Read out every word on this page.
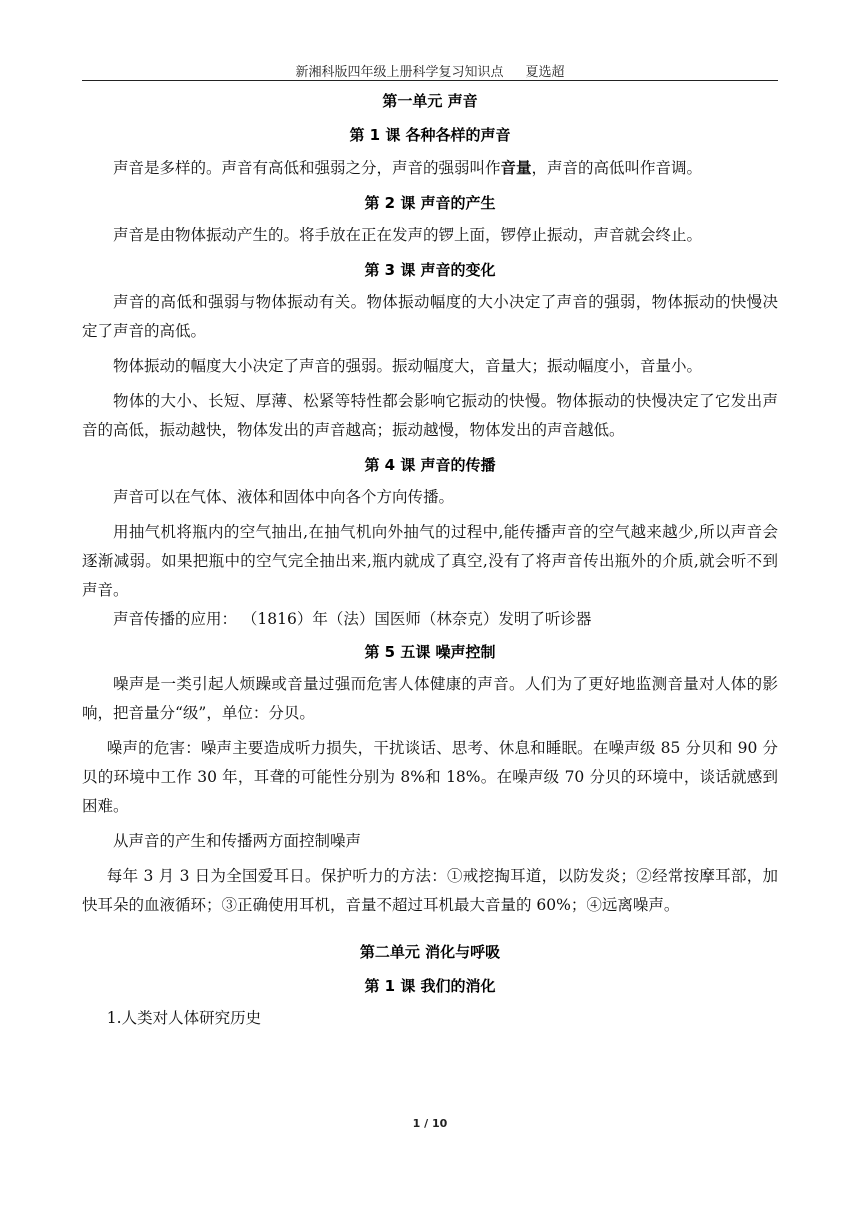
新湘科版四年级上册科学复习知识点 夏选超
第一单元 声音
第 1 课 各种各样的声音

声音是多样的。声音有高低和强弱之分，声音的强弱叫作音量，声音的高低叫作音调。

第 2 课 声音的产生

声音是由物体振动产生的。将手放在正在发声的锣上面，锣停止振动，声音就会终止。

第 3 课 声音的变化

声音的高低和强弱与物体振动有关。物体振动幅度的大小决定了声音的强弱，物体振动的快慢决定了声音的高低。

物体振动的幅度大小决定了声音的强弱。振动幅度大，音量大；振动幅度小，音量小。

物体的大小、长短、厚薄、松紧等特性都会影响它振动的快慢。物体振动的快慢决定了它发出声音的高低，振动越快，物体发出的声音越高；振动越慢，物体发出的声音越低。

第 4 课 声音的传播

声音可以在气体、液体和固体中向各个方向传播。

用抽气机将瓶内的空气抽出,在抽气机向外抽气的过程中,能传播声音的空气越来越少,所以声音会逐渐减弱。如果把瓶中的空气完全抽出来,瓶内就成了真空,没有了将声音传出瓶外的介质,就会听不到声音。

声音传播的应用： （1816）年（法）国医师（林奈克）发明了听诊器

第 5 五课 噪声控制

噪声是一类引起人烦躁或音量过强而危害人体健康的声音。人们为了更好地监测音量对人体的影响，把音量分“级”，单位：分贝。

噪声的危害：噪声主要造成听力损失，干扰谈话、思考、休息和睡眠。在噪声级 85 分贝和 90 分贝的环境中工作 30 年，耳聋的可能性分别为 8%和 18%。在噪声级 70 分贝的环境中，谈话就感到困难。

从声音的产生和传播两方面控制噪声

每年 3 月 3 日为全国爱耳日。保护听力的方法：①戒挖掏耳道，以防发炎；②经常按摩耳部，加快耳朵的血液循环；③正确使用耳机，音量不超过耳机最大音量的 60%；④远离噪声。

第二单元 消化与呼吸
第 1 课 我们的消化

1.人类对人体研究历史

1 / 10
